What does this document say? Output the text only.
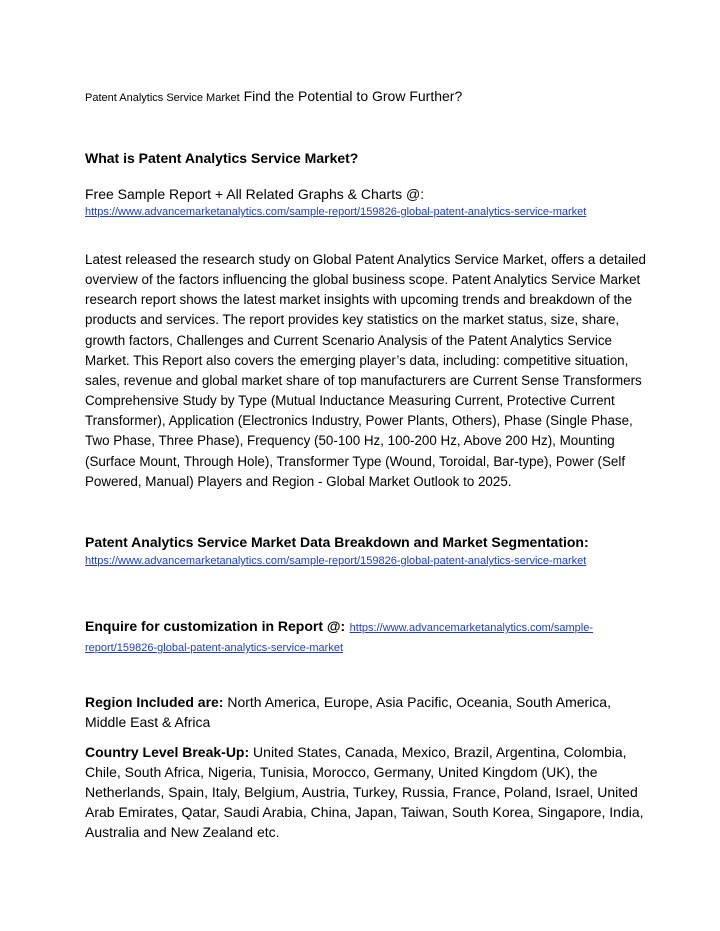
Patent Analytics Service Market Find the Potential to Grow Further?
What is Patent Analytics Service Market?
Free Sample Report + All Related Graphs & Charts @:
https://www.advancemarketanalytics.com/sample-report/159826-global-patent-analytics-service-market
Latest released the research study on Global Patent Analytics Service Market, offers a detailed overview of the factors influencing the global business scope. Patent Analytics Service Market research report shows the latest market insights with upcoming trends and breakdown of the products and services. The report provides key statistics on the market status, size, share, growth factors, Challenges and Current Scenario Analysis of the Patent Analytics Service Market. This Report also covers the emerging player’s data, including: competitive situation, sales, revenue and global market share of top manufacturers are Current Sense Transformers Comprehensive Study by Type (Mutual Inductance Measuring Current, Protective Current Transformer), Application (Electronics Industry, Power Plants, Others), Phase (Single Phase, Two Phase, Three Phase), Frequency (50-100 Hz, 100-200 Hz, Above 200 Hz), Mounting (Surface Mount, Through Hole), Transformer Type (Wound, Toroidal, Bar-type), Power (Self Powered, Manual) Players and Region - Global Market Outlook to 2025.
Patent Analytics Service Market Data Breakdown and Market Segmentation:
https://www.advancemarketanalytics.com/sample-report/159826-global-patent-analytics-service-market
Enquire for customization in Report @: https://www.advancemarketanalytics.com/sample-report/159826-global-patent-analytics-service-market
Region Included are: North America, Europe, Asia Pacific, Oceania, South America, Middle East & Africa
Country Level Break-Up: United States, Canada, Mexico, Brazil, Argentina, Colombia, Chile, South Africa, Nigeria, Tunisia, Morocco, Germany, United Kingdom (UK), the Netherlands, Spain, Italy, Belgium, Austria, Turkey, Russia, France, Poland, Israel, United Arab Emirates, Qatar, Saudi Arabia, China, Japan, Taiwan, South Korea, Singapore, India, Australia and New Zealand etc.
